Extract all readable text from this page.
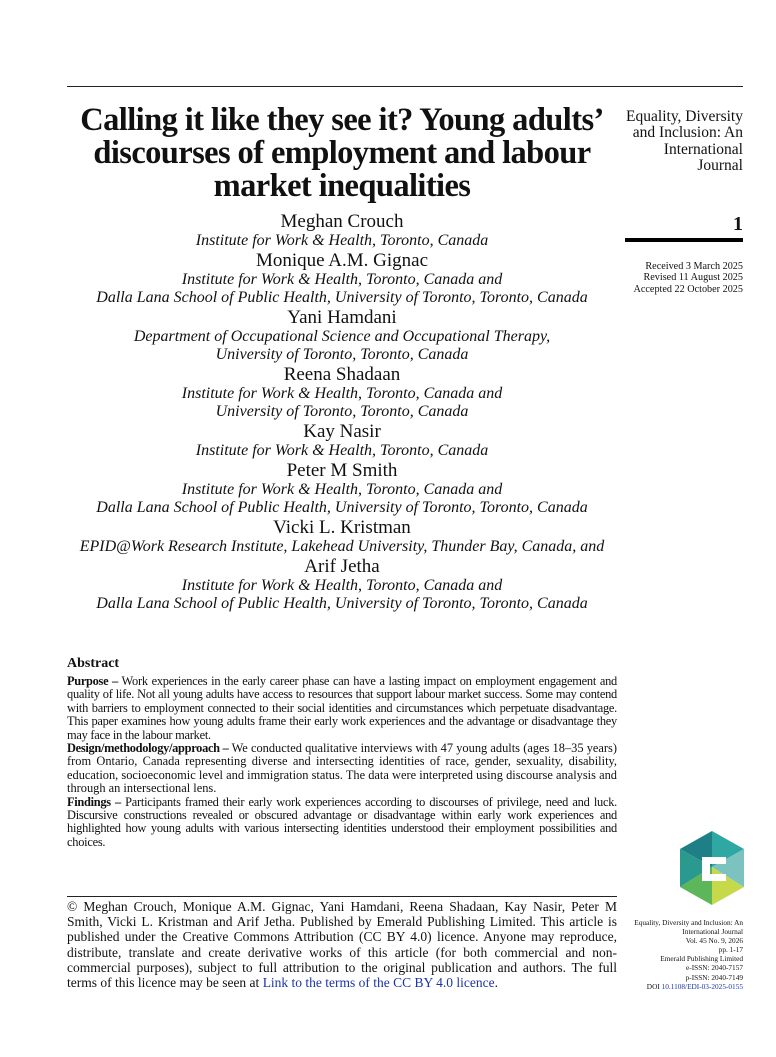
Calling it like they see it? Young adults’ discourses of employment and labour market inequalities
Meghan Crouch
Institute for Work & Health, Toronto, Canada
Monique A.M. Gignac
Institute for Work & Health, Toronto, Canada and
Dalla Lana School of Public Health, University of Toronto, Toronto, Canada
Yani Hamdani
Department of Occupational Science and Occupational Therapy,
University of Toronto, Toronto, Canada
Reena Shadaan
Institute for Work & Health, Toronto, Canada and
University of Toronto, Toronto, Canada
Kay Nasir
Institute for Work & Health, Toronto, Canada
Peter M Smith
Institute for Work & Health, Toronto, Canada and
Dalla Lana School of Public Health, University of Toronto, Toronto, Canada
Vicki L. Kristman
EPID@Work Research Institute, Lakehead University, Thunder Bay, Canada, and
Arif Jetha
Institute for Work & Health, Toronto, Canada and
Dalla Lana School of Public Health, University of Toronto, Toronto, Canada
Abstract
Purpose – Work experiences in the early career phase can have a lasting impact on employment engagement and quality of life. Not all young adults have access to resources that support labour market success. Some may contend with barriers to employment connected to their social identities and circumstances which perpetuate disadvantage. This paper examines how young adults frame their early work experiences and the advantage or disadvantage they may face in the labour market.
Design/methodology/approach – We conducted qualitative interviews with 47 young adults (ages 18–35 years) from Ontario, Canada representing diverse and intersecting identities of race, gender, sexuality, disability, education, socioeconomic level and immigration status. The data were interpreted using discourse analysis and through an intersectional lens.
Findings – Participants framed their early work experiences according to discourses of privilege, need and luck. Discursive constructions revealed or obscured advantage or disadvantage within early work experiences and highlighted how young adults with various intersecting identities understood their employment possibilities and choices.
© Meghan Crouch, Monique A.M. Gignac, Yani Hamdani, Reena Shadaan, Kay Nasir, Peter M Smith, Vicki L. Kristman and Arif Jetha. Published by Emerald Publishing Limited. This article is published under the Creative Commons Attribution (CC BY 4.0) licence. Anyone may reproduce, distribute, translate and create derivative works of this article (for both commercial and non-commercial purposes), subject to full attribution to the original publication and authors. The full terms of this licence may be seen at Link to the terms of the CC BY 4.0 licence.
Equality, Diversity
and Inclusion: An
International
Journal
1
Received 3 March 2025
Revised 11 August 2025
Accepted 22 October 2025
Equality, Diversity and Inclusion: An
International Journal
Vol. 45 No. 9, 2026
pp. 1-17
Emerald Publishing Limited
e-ISSN: 2040-7157
p-ISSN: 2040-7149
DOI 10.1108/EDI-03-2025-0155
